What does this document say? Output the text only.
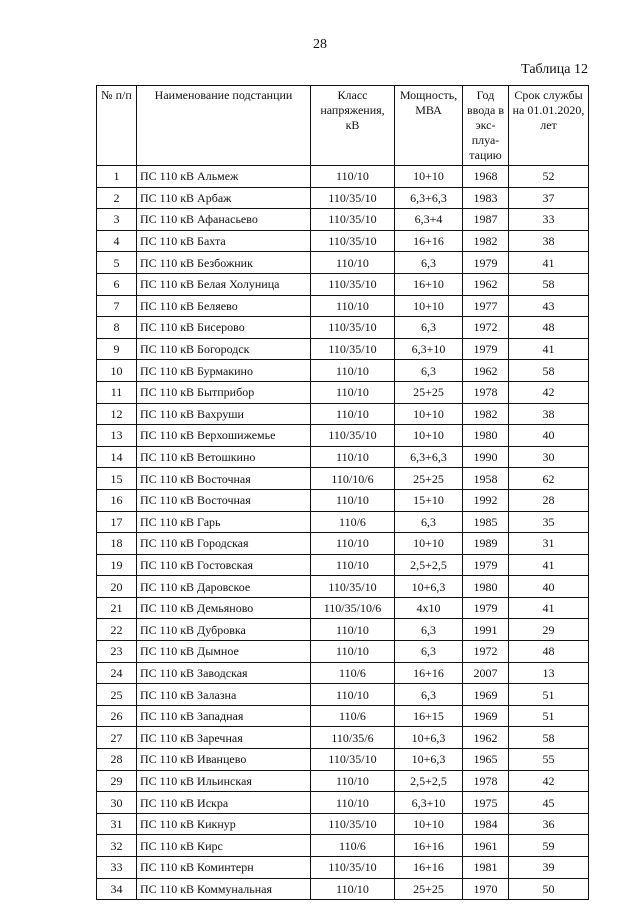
28
Таблица 12
№ п/п	Наименование подстанции	Класс напряжения, кВ	Мощность, МВА	Год ввода в экс-плуа-тацию	Срок службы на 01.01.2020, лет
1	ПС 110 кВ Альмеж	110/10	10+10	1968	52
2	ПС 110 кВ Арбаж	110/35/10	6,3+6,3	1983	37
3	ПС 110 кВ Афанасьево	110/35/10	6,3+4	1987	33
4	ПС 110 кВ Бахта	110/35/10	16+16	1982	38
5	ПС 110 кВ Безбожник	110/10	6,3	1979	41
6	ПС 110 кВ Белая Холуница	110/35/10	16+10	1962	58
7	ПС 110 кВ Беляево	110/10	10+10	1977	43
8	ПС 110 кВ Бисерово	110/35/10	6,3	1972	48
9	ПС 110 кВ Богородск	110/35/10	6,3+10	1979	41
10	ПС 110 кВ Бурмакино	110/10	6,3	1962	58
11	ПС 110 кВ Бытприбор	110/10	25+25	1978	42
12	ПС 110 кВ Вахруши	110/10	10+10	1982	38
13	ПС 110 кВ Верхошижемье	110/35/10	10+10	1980	40
14	ПС 110 кВ Ветошкино	110/10	6,3+6,3	1990	30
15	ПС 110 кВ Восточная	110/10/6	25+25	1958	62
16	ПС 110 кВ Восточная	110/10	15+10	1992	28
17	ПС 110 кВ Гарь	110/6	6,3	1985	35
18	ПС 110 кВ Городская	110/10	10+10	1989	31
19	ПС 110 кВ Гостовская	110/10	2,5+2,5	1979	41
20	ПС 110 кВ Даровское	110/35/10	10+6,3	1980	40
21	ПС 110 кВ Демьяново	110/35/10/6	4x10	1979	41
22	ПС 110 кВ Дубровка	110/10	6,3	1991	29
23	ПС 110 кВ Дымное	110/10	6,3	1972	48
24	ПС 110 кВ Заводская	110/6	16+16	2007	13
25	ПС 110 кВ Залазна	110/10	6,3	1969	51
26	ПС 110 кВ Западная	110/6	16+15	1969	51
27	ПС 110 кВ Заречная	110/35/6	10+6,3	1962	58
28	ПС 110 кВ Иванцево	110/35/10	10+6,3	1965	55
29	ПС 110 кВ Ильинская	110/10	2,5+2,5	1978	42
30	ПС 110 кВ Искра	110/10	6,3+10	1975	45
31	ПС 110 кВ Кикнур	110/35/10	10+10	1984	36
32	ПС 110 кВ Кирс	110/6	16+16	1961	59
33	ПС 110 кВ Коминтерн	110/35/10	16+16	1981	39
34	ПС 110 кВ Коммунальная	110/10	25+25	1970	50
